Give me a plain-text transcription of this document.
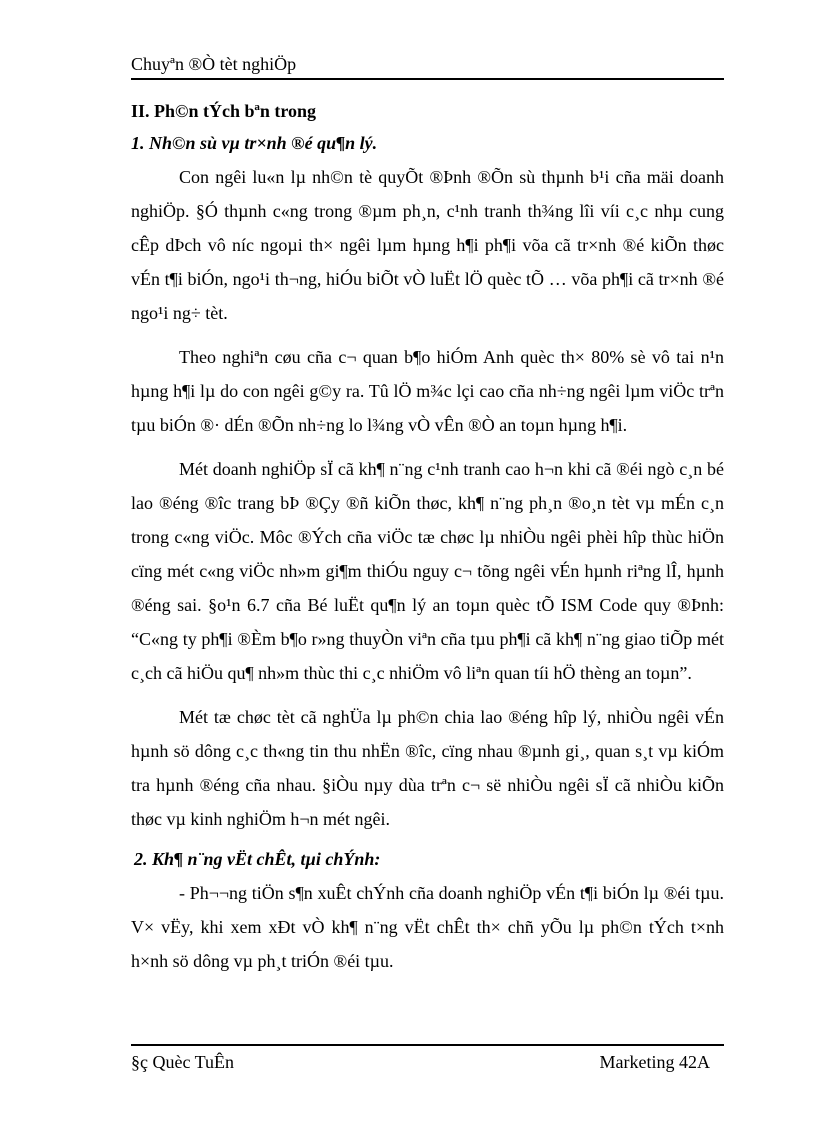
Chuyªn ®Ò tèt nghiÖp
II. Ph©n tÝch bªn trong
1. Nh©n sù vµ tr×nh ®é qu¶n lý.

Con ngêi lu«n lµ nh©n tè quyÕt ®Þnh ®Õn sù thµnh b¹i cña mäi doanh nghiÖp. §Ó thµnh c«ng trong ®µm ph¸n, c¹nh tranh th¾ng lîi víi c¸c nhµ cung cÊp dÞch vô níc ngoµi th× ngêi lµm hµng h¶i ph¶i võa cã tr×nh ®é kiÕn thøc vÉn t¶i biÓn, ngo¹i th¬ng, hiÓu biÕt vÒ luËt lÖ quèc tÕ … võa ph¶i cã tr×nh ®é ngo¹i ng÷ tèt.

Theo nghiªn cøu cña c¬ quan b¶o hiÓm Anh quèc th× 80% sè vô tai n¹n hµng h¶i lµ do con ngêi g©y ra. Tû lÖ m¾c lçi cao cña nh÷ng ngêi lµm viÖc trªn tµu biÓn ®· dÉn ®Õn nh÷ng lo l¾ng vÒ vÊn ®Ò an toµn hµng h¶i.

Mét doanh nghiÖp sÏ cã kh¶ n¨ng c¹nh tranh cao h¬n khi cã ®éi ngò c¸n bé lao ®éng ®îc trang bÞ ®Çy ®ñ kiÕn thøc, kh¶ n¨ng ph¸n ®o¸n tèt vµ mÉn c¸n trong c«ng viÖc. Môc ®Ých cña viÖc tæ chøc lµ nhiÒu ngêi phèi hîp thùc hiÖn cïng mét c«ng viÖc nh»m gi¶m thiÓu nguy c¬ tõng ngêi vÉn hµnh riªng lÎ, hµnh ®éng sai. §o¹n 6.7 cña Bé luËt qu¶n lý an toµn quèc tÕ ISM Code quy ®Þnh: “C«ng ty ph¶i ®Èm b¶o r»ng thuyÒn viªn cña tµu ph¶i cã kh¶ n¨ng giao tiÕp mét c¸ch cã hiÖu qu¶ nh»m thùc thi c¸c nhiÖm vô liªn quan tíi hÖ thèng an toµn”.

Mét tæ chøc tèt cã nghÜa lµ ph©n chia lao ®éng hîp lý, nhiÒu ngêi vÉn hµnh sö dông c¸c th«ng tin thu nhËn ®îc, cïng nhau ®µnh gi¸, quan s¸t vµ kiÓm tra hµnh ®éng cña nhau. §iÒu nµy dùa trªn c¬ së nhiÒu ngêi sÏ cã nhiÒu kiÕn thøc vµ kinh nghiÖm h¬n mét ngêi.

2. Kh¶ n¨ng vËt chÊt, tµi chÝnh:

- Ph¬¬ng tiÖn s¶n xuÊt chÝnh cña doanh nghiÖp vÉn t¶i biÓn lµ ®éi tµu. V× vËy, khi xem xÐt vÒ kh¶ n¨ng vËt chÊt th× chñ yÕu lµ ph©n tÝch t×nh h×nh sö dông vµ ph¸t triÓn ®éi tµu.

§ç Quèc TuÊn	Marketing 42A
